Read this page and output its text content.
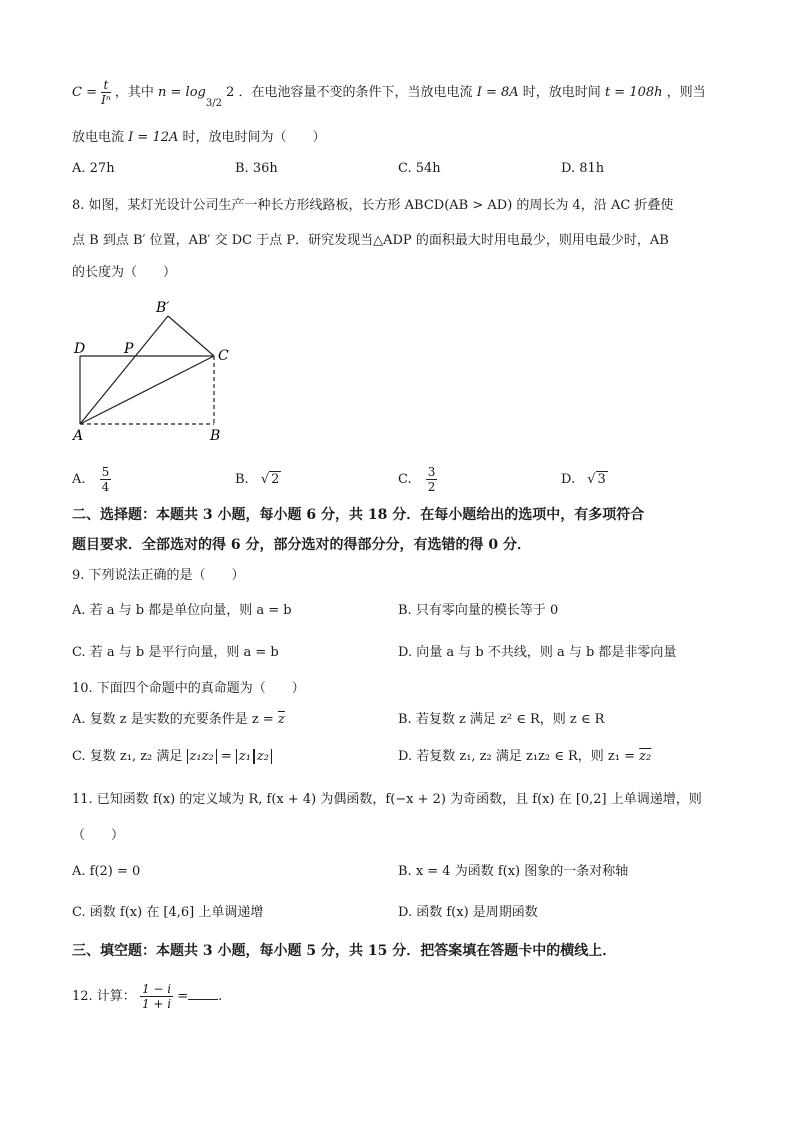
$C = \frac{t}{\text{Iⁿ}}$ ，其中 n = log
3/2
2 ．在电池容量不变的条件下，当放电电流 I = 8A 时，放电时间 t = 108h ，则当
放电电流 I = 12A 时，放电时间为（　　）
A. 27h	B. 36h	C. 54h	D. 81h
8. 如图，某灯光设计公司生产一种长方形线路板，长方形 ABCD(AB > AD) 的周长为 4，沿 AC 折叠使
点 B 到点 B′ 位置，AB′ 交 DC 于点 P．研究发现当△ADP 的面积最大时用电最少，则用电最少时，AB
的长度为（　　）
B′
D	P	C
A	B
A. $\frac{5}{4}$	B. √ 2	C. $\frac{3}{2}$	D. √ 3
二、选择题：本题共 3 小题，每小题 6 分，共 18 分．在每小题给出的选项中，有多项符合
题目要求．全部选对的得 6 分，部分选对的得部分分，有选错的得 0 分．
9. 下列说法正确的是（　　）
A. 若 a 与 b 都是单位向量，则 a = b	B. 只有零向量的模长等于 0
C. 若 a 与 b 是平行向量，则 a = b	D. 向量 a 与 b 不共线，则 a 与 b 都是非零向量
10. 下面四个命题中的真命题为（　　）
A. 复数 z 是实数的充要条件是 $z = \overline{z}$	B. 若复数 z 满足 z² ∈ R，则 z ∈ R
C. 复数 z₁, z₂ 满足 z₁z₂ = z₁ z₂	D. 若复数 z₁, z₂ 满足 z₁z₂ ∈ R，则 z₁ = z₂
11. 已知函数 f(x) 的定义域为 R, f(x + 4) 为偶函数，f(−x + 2) 为奇函数，且 f(x) 在 [0,2] 上单调递增，则
（　　）
A. f(2) = 0	B. x = 4 为函数 f(x) 图象的一条对称轴
C. 函数 f(x) 在 [4,6] 上单调递增	D. 函数 f(x) 是周期函数
三、填空题：本题共 3 小题，每小题 5 分，共 15 分．把答案填在答题卡中的横线上．
12. 计算： $\frac{1 - i}{1 + i}$ = .
